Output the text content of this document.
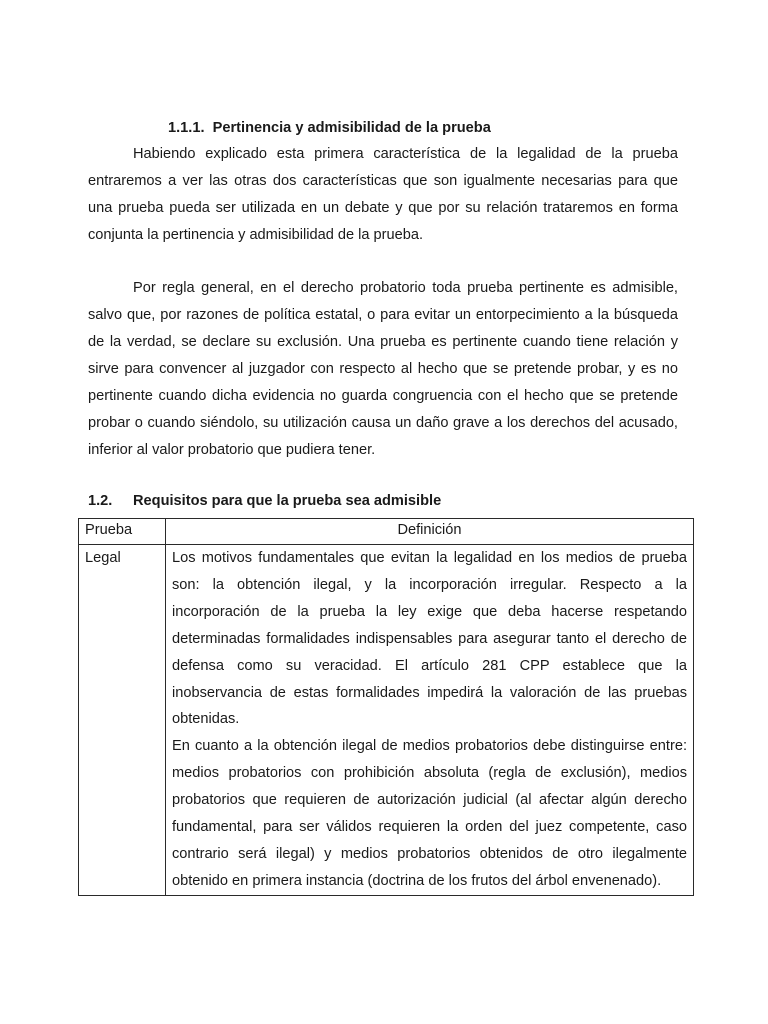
1.1.1. Pertinencia y admisibilidad de la prueba

Habiendo explicado esta primera característica de la legalidad de la prueba entraremos a ver las otras dos características que son igualmente necesarias para que una prueba pueda ser utilizada en un debate y que por su relación trataremos en forma conjunta la pertinencia y admisibilidad de la prueba.

Por regla general, en el derecho probatorio toda prueba pertinente es admisible, salvo que, por razones de política estatal, o para evitar un entorpecimiento a la búsqueda de la verdad, se declare su exclusión. Una prueba es pertinente cuando tiene relación y sirve para convencer al juzgador con respecto al hecho que se pretende probar, y es no pertinente cuando dicha evidencia no guarda congruencia con el hecho que se pretende probar o cuando siéndolo, su utilización causa un daño grave a los derechos del acusado, inferior al valor probatorio que pudiera tener.

1.2. Requisitos para que la prueba sea admisible
Prueba	Definición
Legal	Los motivos fundamentales que evitan la legalidad en los medios de prueba son: la obtención ilegal, y la incorporación irregular. Respecto a la incorporación de la prueba la ley exige que deba hacerse respetando determinadas formalidades indispensables para asegurar tanto el derecho de defensa como su veracidad. El artículo 281 CPP establece que la inobservancia de estas formalidades impedirá la valoración de las pruebas obtenidas.

En cuanto a la obtención ilegal de medios probatorios debe distinguirse entre: medios probatorios con prohibición absoluta (regla de exclusión), medios probatorios que requieren de autorización judicial (al afectar algún derecho fundamental, para ser válidos requieren la orden del juez competente, caso contrario será ilegal) y medios probatorios obtenidos de otro ilegalmente obtenido en primera instancia (doctrina de los frutos del árbol envenenado).
